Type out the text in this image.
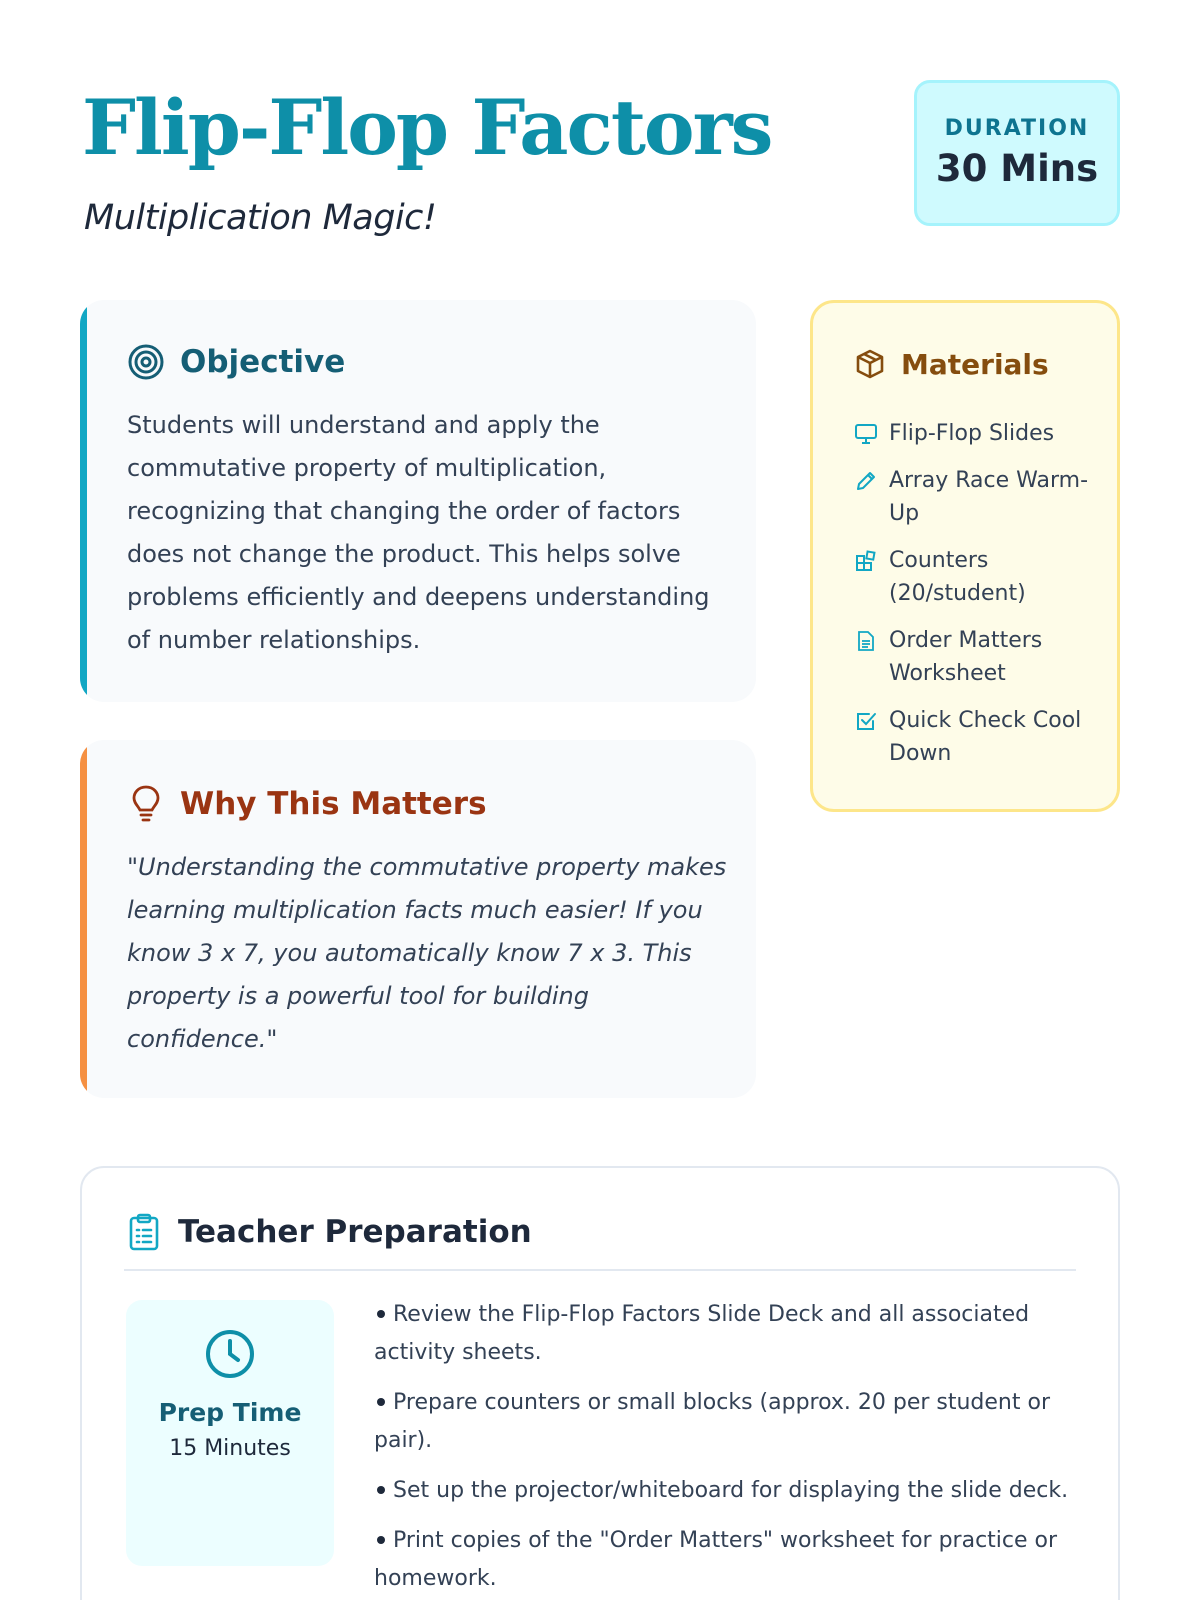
Flip-Flop Factors
Multiplication Magic!
DURATION
30 Mins
Objective

Students will understand and apply the commutative property of multiplication, recognizing that changing the order of factors does not change the product. This helps solve problems efficiently and deepens understanding of number relationships.

Why This Matters

"Understanding the commutative property makes learning multiplication facts much easier! If you know 3 x 7, you automatically know 7 x 3. This property is a powerful tool for building confidence."

Materials
Flip-Flop Slides
Array Race Warm-Up
Counters (20/student)
Order Matters Worksheet
Quick Check Cool Down
Teacher Preparation
Prep Time
15 Minutes
Review the Flip-Flop Factors Slide Deck and all associated activity sheets.
Prepare counters or small blocks (approx. 20 per student or pair).
Set up the projector/whiteboard for displaying the slide deck.
Print copies of the "Order Matters" worksheet for practice or homework.
